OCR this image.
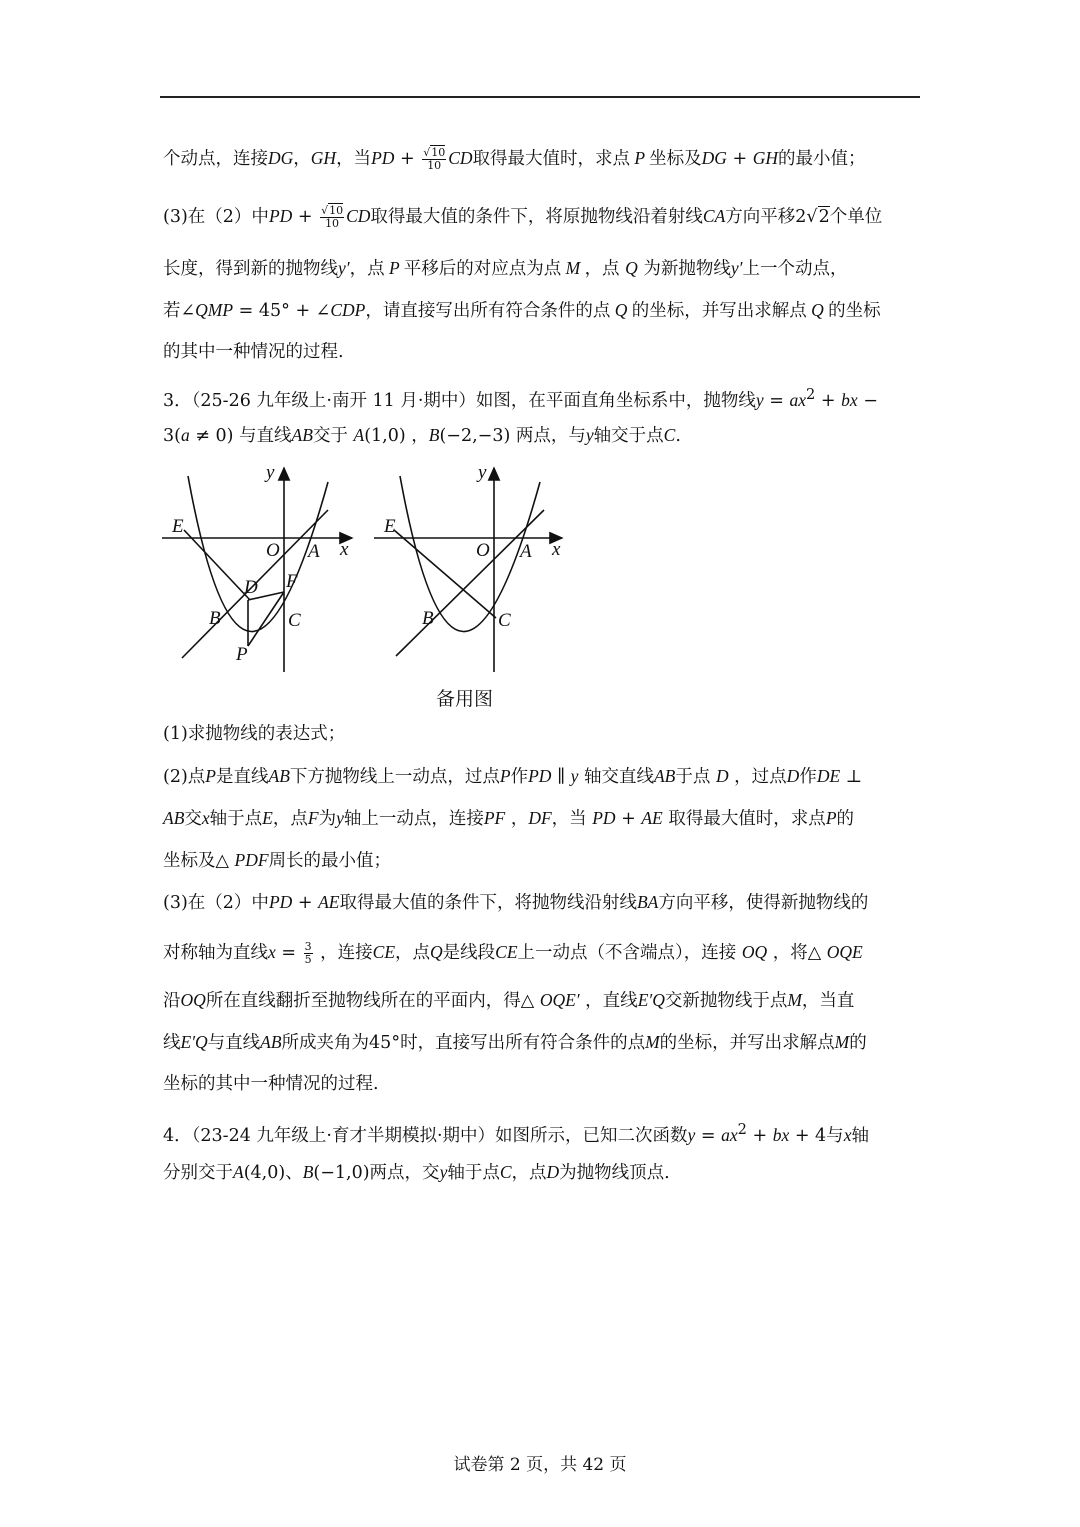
个动点，连接DG，GH，当PD + $\frac{√10}{10}$ CD取得最大值时，求点 P 坐标及DG + GH的最小值；
(3)在（2）中PD + $\frac{√10}{10}$ CD取得最大值的条件下，将原抛物线沿着射线CA方向平移2√2个单位
长度，得到新的抛物线y′，点 P 平移后的对应点为点 M ，点 Q 为新抛物线y′上一个动点，
若∠QMP = 45° + ∠CDP，请直接写出所有符合条件的点 Q 的坐标，并写出求解点 Q 的坐标
的其中一种情况的过程.
3．（25-26 九年级上·南开 11 月·期中）如图，在平面直角坐标系中，抛物线$y = ax^2$ + bx −
3(a ≠ 0) 与直线AB交于 A(1,0) ，B(−2,−3) 两点，与y轴交于点C.
y
E
O A x
D F
B	C
P
y
E
O A x
B	C
备用图
(1)求抛物线的表达式；
(2)点P是直线AB下方抛物线上一动点，过点P作PD ∥ y 轴交直线AB于点 D ，过点D作DE ⊥
AB交x轴于点E，点F为y轴上一动点，连接PF ，DF，当 PD + AE 取得最大值时，求点P的
坐标及△ PDF周长的最小值；
(3)在（2）中PD + AE取得最大值的条件下，将抛物线沿射线BA方向平移，使得新抛物线的
对称轴为直线$x = \frac{3}{5}$ ，连接CE，点Q是线段CE上一动点（不含端点），连接 OQ ，将△ OQE
沿OQ所在直线翻折至抛物线所在的平面内，得△ OQE′ ，直线E′Q交新抛物线于点M，当直
线E′Q与直线AB所成夹角为45°时，直接写出所有符合条件的点M的坐标，并写出求解点M的
坐标的其中一种情况的过程.
4．（23-24 九年级上·育才半期模拟·期中）如图所示，已知二次函数$y = ax^2$ + bx + 4与x轴
分别交于A(4,0)、B(−1,0)两点，交y轴于点C，点D为抛物线顶点.
试卷第 2 页，共 42 页
